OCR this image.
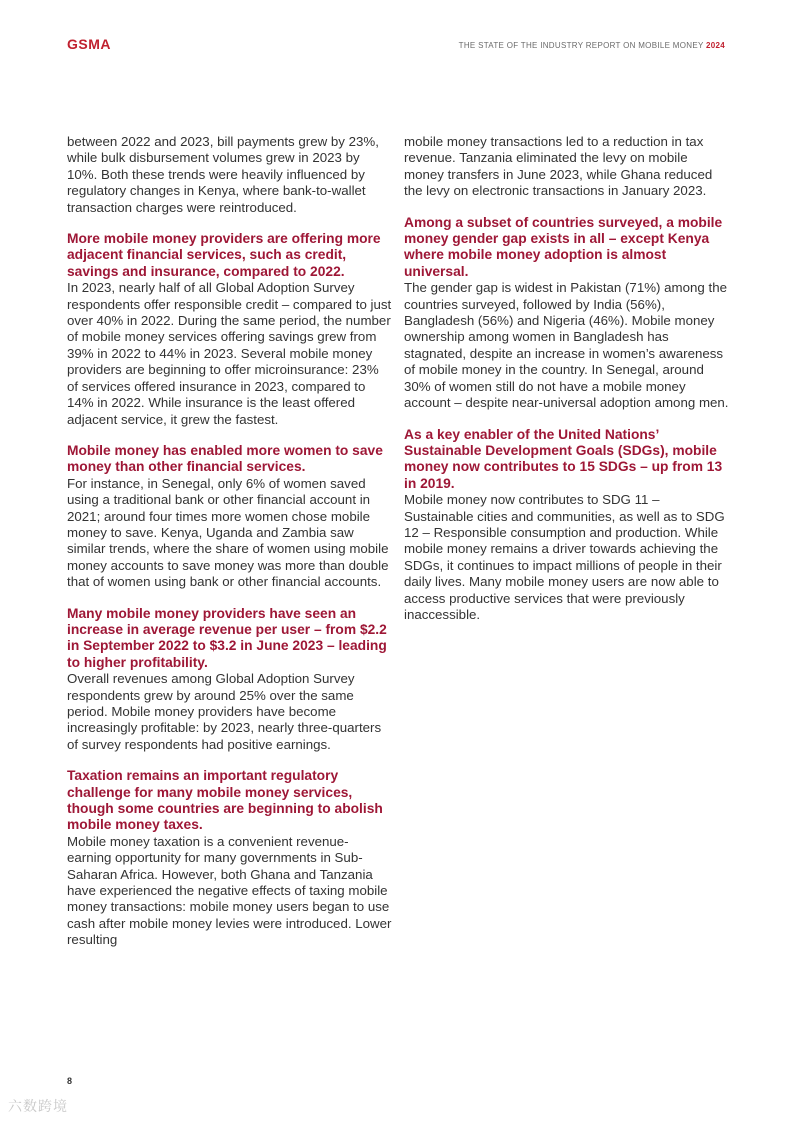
GSMA	THE STATE OF THE INDUSTRY REPORT ON MOBILE MONEY 2024

between 2022 and 2023, bill payments grew by 23%, while bulk disbursement volumes grew in 2023 by 10%. Both these trends were heavily influenced by regulatory changes in Kenya, where bank-to-wallet transaction charges were reintroduced.

More mobile money providers are offering more adjacent financial services, such as credit, savings and insurance, compared to 2022.

In 2023, nearly half of all Global Adoption Survey respondents offer responsible credit – compared to just over 40% in 2022. During the same period, the number of mobile money services offering savings grew from 39% in 2022 to 44% in 2023. Several mobile money providers are beginning to offer microinsurance: 23% of services offered insurance in 2023, compared to 14% in 2022. While insurance is the least offered adjacent service, it grew the fastest.

Mobile money has enabled more women to save money than other financial services.

For instance, in Senegal, only 6% of women saved using a traditional bank or other financial account in 2021; around four times more women chose mobile money to save. Kenya, Uganda and Zambia saw similar trends, where the share of women using mobile money accounts to save money was more than double that of women using bank or other financial accounts.

Many mobile money providers have seen an increase in average revenue per user – from $2.2 in September 2022 to $3.2 in June 2023 – leading to higher profitability.

Overall revenues among Global Adoption Survey respondents grew by around 25% over the same period. Mobile money providers have become increasingly profitable: by 2023, nearly three-quarters of survey respondents had positive earnings.

Taxation remains an important regulatory challenge for many mobile money services, though some countries are beginning to abolish mobile money taxes.

Mobile money taxation is a convenient revenue-earning opportunity for many governments in Sub-Saharan Africa. However, both Ghana and Tanzania have experienced the negative effects of taxing mobile money transactions: mobile money users began to use cash after mobile money levies were introduced. Lower resulting

mobile money transactions led to a reduction in tax revenue. Tanzania eliminated the levy on mobile money transfers in June 2023, while Ghana reduced the levy on electronic transactions in January 2023.

Among a subset of countries surveyed, a mobile money gender gap exists in all – except Kenya where mobile money adoption is almost universal.

The gender gap is widest in Pakistan (71%) among the countries surveyed, followed by India (56%), Bangladesh (56%) and Nigeria (46%). Mobile money ownership among women in Bangladesh has stagnated, despite an increase in women’s awareness of mobile money in the country. In Senegal, around 30% of women still do not have a mobile money account – despite near-universal adoption among men.

As a key enabler of the United Nations’ Sustainable Development Goals (SDGs), mobile money now contributes to 15 SDGs – up from 13 in 2019.

Mobile money now contributes to SDG 11 – Sustainable cities and communities, as well as to SDG 12 – Responsible consumption and production. While mobile money remains a driver towards achieving the SDGs, it continues to impact millions of people in their daily lives. Many mobile money users are now able to access productive services that were previously inaccessible.

8
六数跨境
